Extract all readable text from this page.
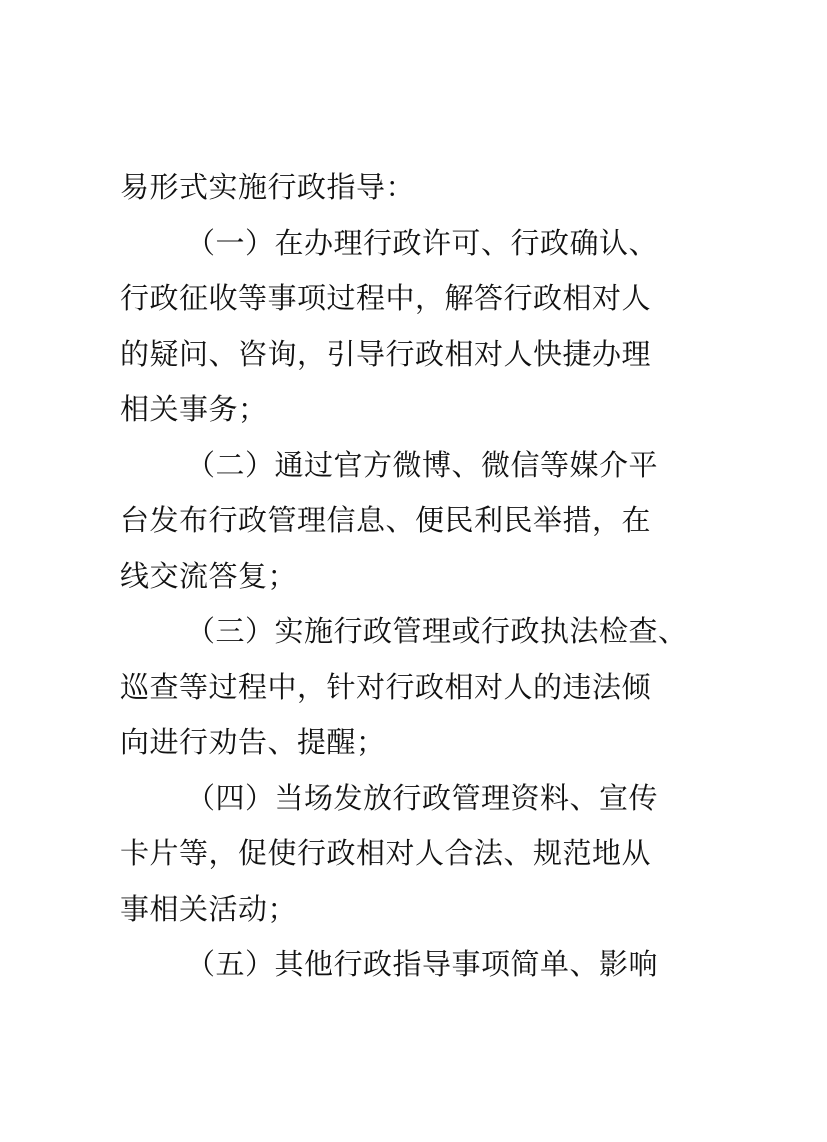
易形式实施行政指导：
（一）在办理行政许可、行政确认、
行政征收等事项过程中，解答行政相对人
的疑问、咨询，引导行政相对人快捷办理
相关事务；
（二）通过官方微博、微信等媒介平
台发布行政管理信息、便民利民举措，在
线交流答复；
（三）实施行政管理或行政执法检查、
巡查等过程中，针对行政相对人的违法倾
向进行劝告、提醒；
（四）当场发放行政管理资料、宣传
卡片等，促使行政相对人合法、规范地从
事相关活动；
（五）其他行政指导事项简单、影响
